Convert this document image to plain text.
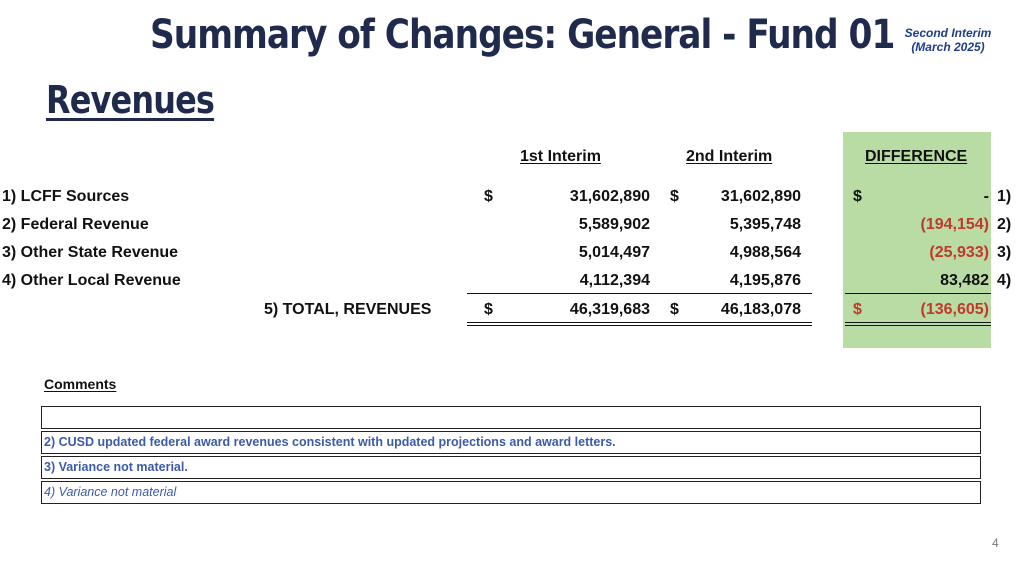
Summary of Changes: General - Fund 01 Second Interim
(March 2025)
Revenues
1st Interim	2nd Interim	DIFFERENCE
1) LCFF Sources	$	31,602,890 $	31,602,890	$	- 1)
2) Federal Revenue	5,589,902	5,395,748	(194,154) 2)
3) Other State Revenue	5,014,497	4,988,564	(25,933) 3)
4) Other Local Revenue	4,112,394	4,195,876	83,482 4)
5) TOTAL, REVENUES	$	46,319,683 $	46,183,078	$	(136,605)
Comments
2) CUSD updated federal award revenues consistent with updated projections and award letters.
3) Variance not material.
4) Variance not material
4
